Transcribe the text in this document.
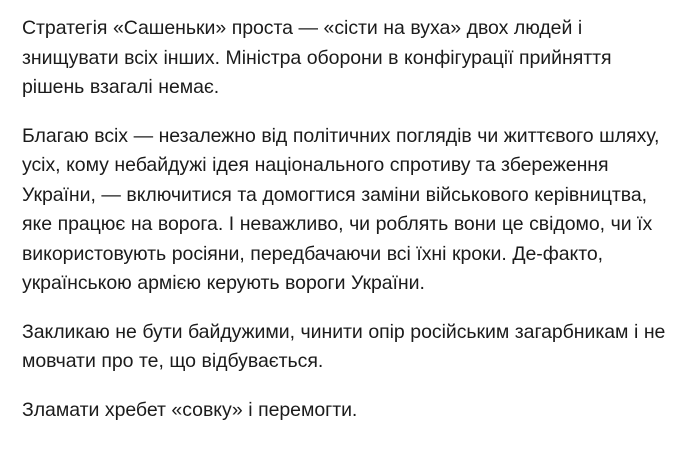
Стратегія «Сашеньки» проста — «сісти на вуха» двох людей і знищувати всіх інших. Міністра оборони в конфігурації прийняття рішень взагалі немає.

Благаю всіх — незалежно від політичних поглядів чи життєвого шляху, усіх, кому небайдужі ідея національного спротиву та збереження України, — включитися та домогтися заміни військового керівництва, яке працює на ворога. І неважливо, чи роблять вони це свідомо, чи їх використовують росіяни, передбачаючи всі їхні кроки. Де-факто, українською армією керують вороги України.

Закликаю не бути байдужими, чинити опір російським загарбникам і не мовчати про те, що відбувається.

Зламати хребет «совку» і перемогти.
